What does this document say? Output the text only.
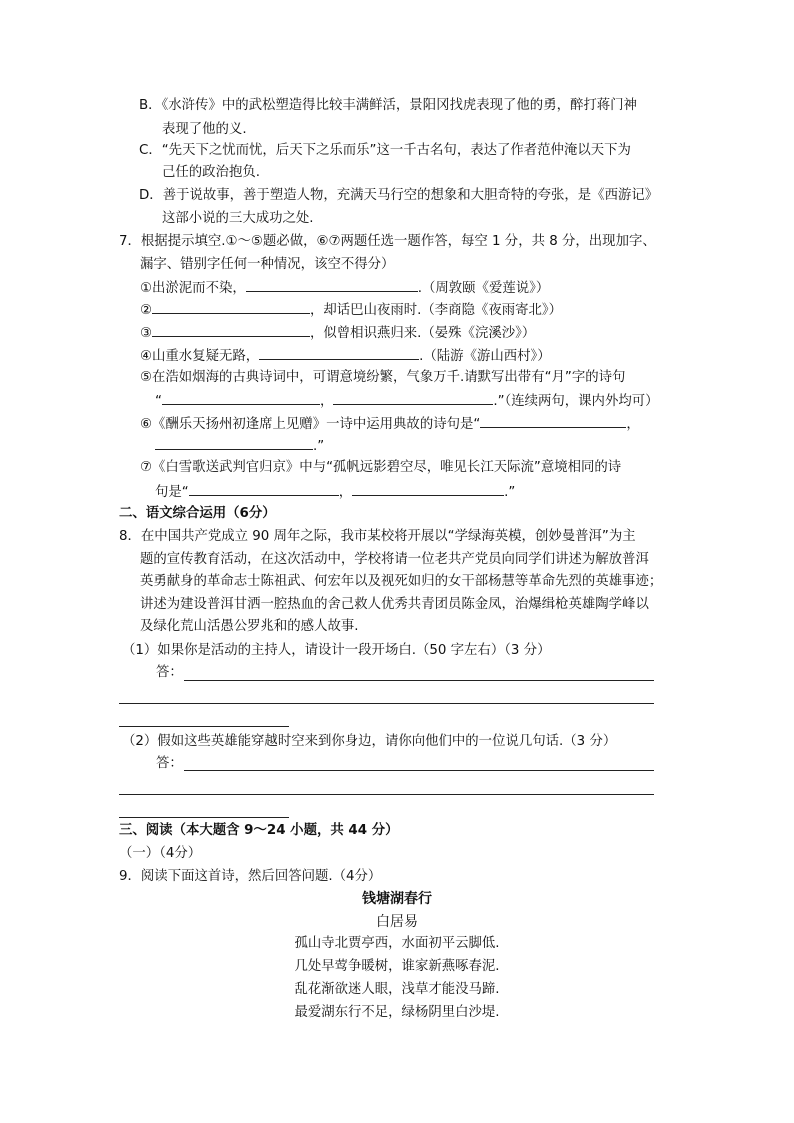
B．《水浒传》中的武松塑造得比较丰满鲜活，景阳冈找虎表现了他的勇，醉打蒋门神
表现了他的义.
C．“先天下之忧而忧，后天下之乐而乐”这一千古名句，表达了作者范仲淹以天下为
己任的政治抱负.
D．善于说故事，善于塑造人物，充满天马行空的想象和大胆奇特的夸张，是《西游记》
这部小说的三大成功之处.
7．根据提示填空.①～⑤题必做，⑥⑦两题任选一题作答，每空 1 分，共 8 分，出现加字、
漏字、错别字任何一种情况，该空不得分）
①出淤泥而不染，	.（周敦颐《爱莲说》）
②	，却话巴山夜雨时.（李商隐《夜雨寄北》）
③	，似曾相识燕归来.（晏殊《浣溪沙》）
④山重水复疑无路，	.（陆游《游山西村》）
⑤在浩如烟海的古典诗词中，可谓意境纷繁，气象万千.请默写出带有“月”字的诗句
“	，	.”（连续两句，课内外均可）
⑥《酬乐天扬州初逢席上见赠》一诗中运用典故的诗句是“	，
.”
⑦《白雪歌送武判官归京》中与“孤帆远影碧空尽，唯见长江天际流”意境相同的诗
句是“	，	.”
二、语文综合运用（6分）
8．在中国共产党成立 90 周年之际，我市某校将开展以“学绿海英模，创妙曼普洱”为主
题的宣传教育活动，在这次活动中，学校将请一位老共产党员向同学们讲述为解放普洱
英勇献身的革命志士陈祖武、何宏年以及视死如归的女干部杨慧等革命先烈的英雄事迹；
讲述为建设普洱甘洒一腔热血的舍己救人优秀共青团员陈金凤，治爆缉枪英雄陶学峰以
及绿化荒山活愚公罗兆和的感人故事.
（1）如果你是活动的主持人，请设计一段开场白.（50 字左右）（3 分）
答：
（2）假如这些英雄能穿越时空来到你身边，请你向他们中的一位说几句话.（3 分）
答：
三、阅读（本大题含 9～24 小题，共 44 分）
（一）（4分）
9．阅读下面这首诗，然后回答问题.（4分）
钱塘湖春行
白居易
孤山寺北贾亭西，水面初平云脚低.
几处早莺争暖树，谁家新燕啄春泥.
乱花渐欲迷人眼，浅草才能没马蹄.
最爱湖东行不足，绿杨阴里白沙堤.
